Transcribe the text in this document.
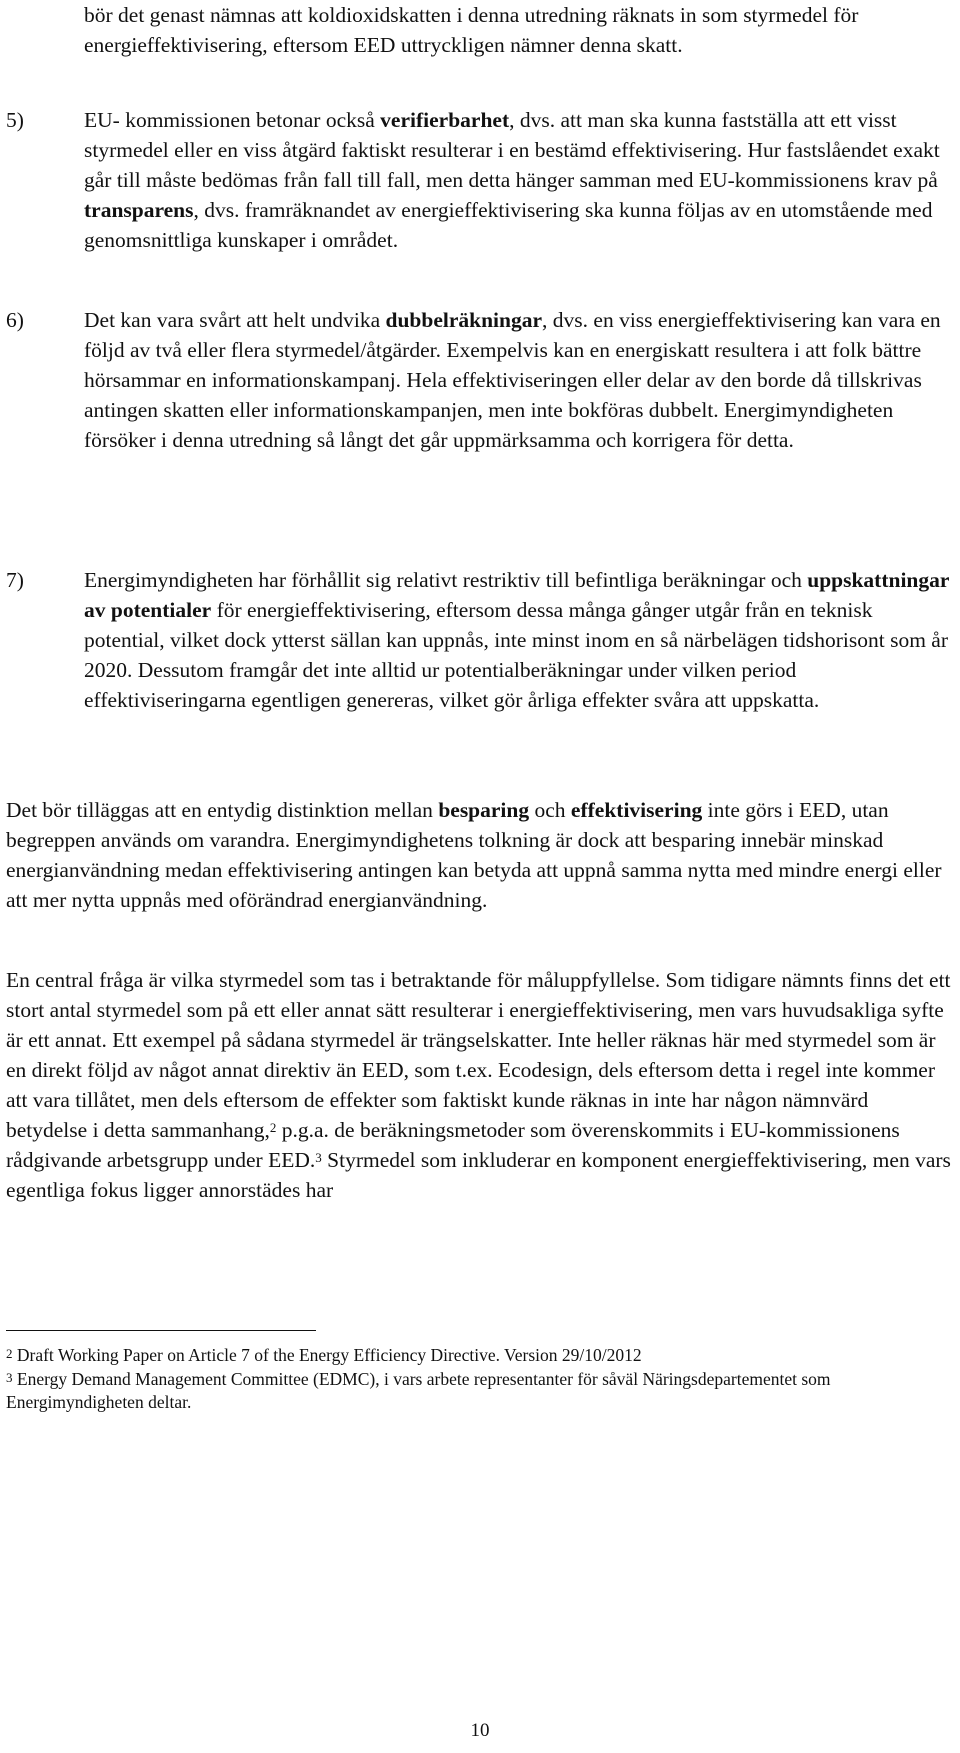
bör det genast nämnas att koldioxidskatten i denna utredning räknats in som styrmedel för energieffektivisering, eftersom EED uttryckligen nämner denna skatt.
5)	EU- kommissionen betonar också verifierbarhet, dvs. att man ska kunna fastställa att ett visst styrmedel eller en viss åtgärd faktiskt resulterar i en bestämd effektivisering. Hur fastslåendet exakt går till måste bedömas från fall till fall, men detta hänger samman med EU-kommissionens krav på transparens, dvs. framräknandet av energieffektivisering ska kunna följas av en utomstående med genomsnittliga kunskaper i området.
6)	Det kan vara svårt att helt undvika dubbelräkningar, dvs. en viss energieffektivisering kan vara en följd av två eller flera styrmedel/åtgärder. Exempelvis kan en energiskatt resultera i att folk bättre hörsammar en informationskampanj. Hela effektiviseringen eller delar av den borde då tillskrivas antingen skatten eller informationskampanjen, men inte bokföras dubbelt. Energimyndigheten försöker i denna utredning så långt det går uppmärksamma och korrigera för detta.
7)	Energimyndigheten har förhållit sig relativt restriktiv till befintliga beräkningar och uppskattningar av potentialer för energieffektivisering, eftersom dessa många gånger utgår från en teknisk potential, vilket dock ytterst sällan kan uppnås, inte minst inom en så närbelägen tidshorisont som år 2020. Dessutom framgår det inte alltid ur potentialberäkningar under vilken period effektiviseringarna egentligen genereras, vilket gör årliga effekter svåra att uppskatta.
Det bör tilläggas att en entydig distinktion mellan besparing och effektivisering inte görs i EED, utan begreppen används om varandra. Energimyndighetens tolkning är dock att besparing innebär minskad energianvändning medan effektivisering antingen kan betyda att uppnå samma nytta med mindre energi eller att mer nytta uppnås med oförändrad energianvändning.
En central fråga är vilka styrmedel som tas i betraktande för måluppfyllelse. Som tidigare nämnts finns det ett stort antal styrmedel som på ett eller annat sätt resulterar i energieffektivisering, men vars huvudsakliga syfte är ett annat. Ett exempel på sådana styrmedel är trängselskatter. Inte heller räknas här med styrmedel som är en direkt följd av något annat direktiv än EED, som t.ex. Ecodesign, dels eftersom detta i regel inte kommer att vara tillåtet, men dels eftersom de effekter som faktiskt kunde räknas in inte har någon nämnvärd betydelse i detta sammanhang,$^2$ p.g.a. de beräkningsmetoder som överenskommits i EU-kommissionens rådgivande arbetsgrupp under EED.$^3$ Styrmedel som inkluderar en komponent energieffektivisering, men vars egentliga fokus ligger annorstädes har
$^2$ Draft Working Paper on Article 7 of the Energy Efficiency Directive. Version 29/10/2012
$^3$ Energy Demand Management Committee (EDMC), i vars arbete representanter för såväl Näringsdepartementet som Energimyndigheten deltar.
10
